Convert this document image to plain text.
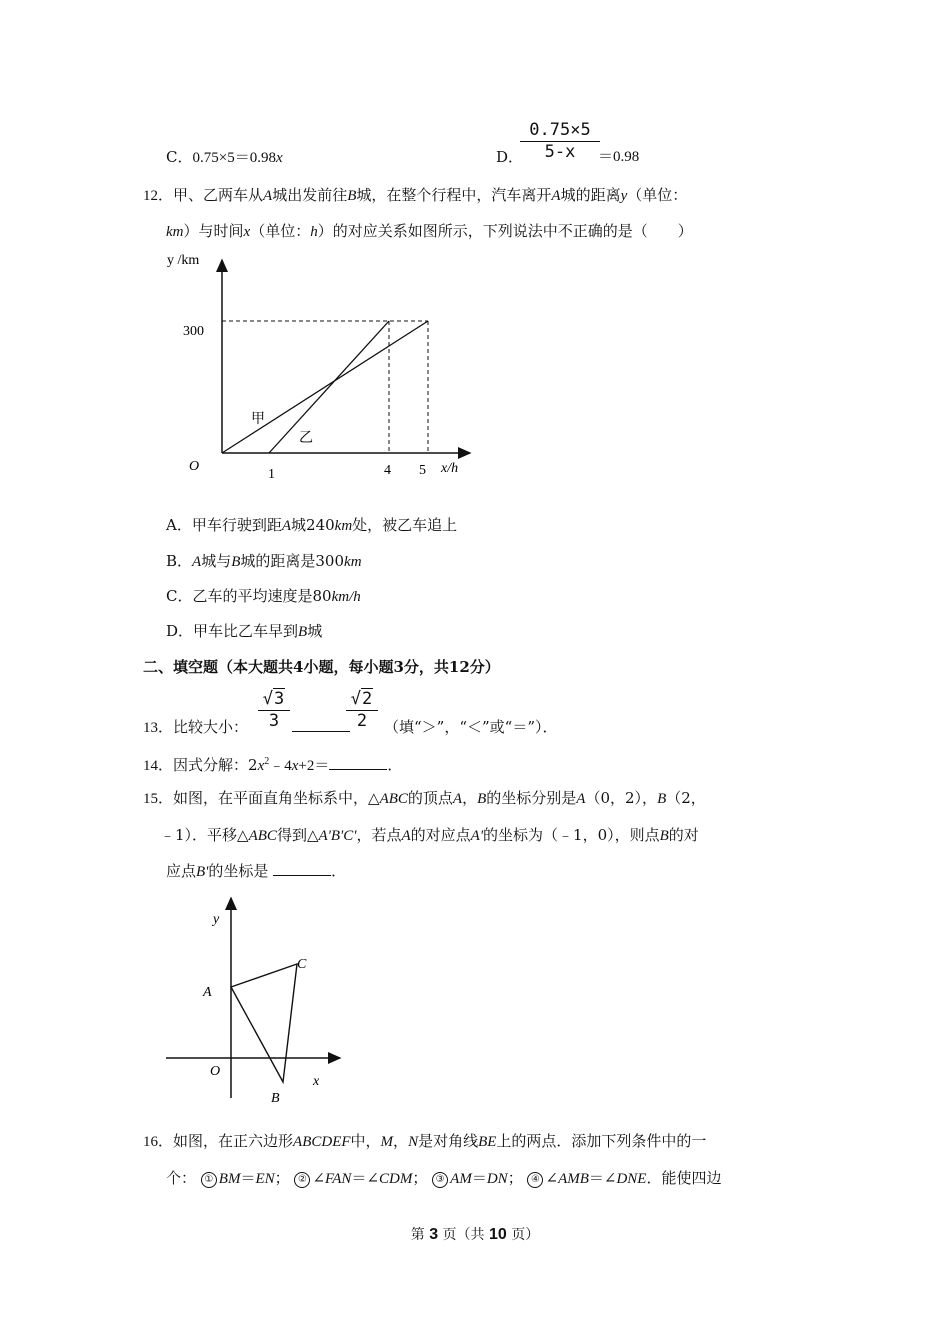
C．0.75×5＝0.98x	D．
0.75×5
5-x	＝0.98
12．甲、乙两车从A城出发前往B城，在整个行程中，汽车离开A城的距离y（单位：
km）与时间x（单位：h）的对应关系如图所示，下列说法中不正确的是（　　）
y /km
300
O
1	4 5 x/h
甲
乙
A．甲车行驶到距A城240km处，被乙车追上
B．A城与B城的距离是300km
C．乙车的平均速度是80km/h
D．甲车比乙车早到B城
二、填空题（本大题共4小题，每小题3分，共12分）
13．比较大小：
√3
3
√2
2	（填“＞”，“＜”或“＝”）．
14．因式分解：$2x^2﹣4x+2=$	．
15．如图，在平面直角坐标系中，△ABC的顶点A，B的坐标分别是A（0，2），B（2，
﹣1）．平移△ABC得到△A'B'C'，若点A的对应点A'的坐标为（﹣1，0），则点B的对
应点B'的坐标是	．
y
x
O
A
B
C
16．如图，在正六边形ABCDEF中，M，N是对角线BE上的两点．添加下列条件中的一
个： ① BM＝EN； ② ∠FAN＝∠CDM； ③ AM＝DN； ④ ∠AMB＝∠DNE．能使四边
第 3 页（共 10 页）
